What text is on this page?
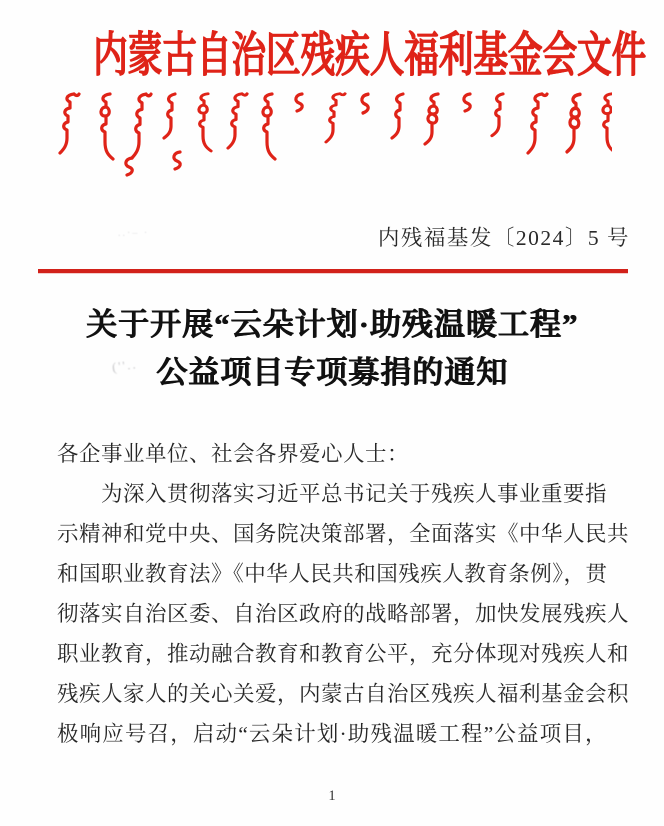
内蒙古自治区残疾人福利基金会文件
内残福基发〔2024〕5 号
关于开展“云朵计划·助残温暖工程”
公益项目专项募捐的通知
(''..
..·– ·
各企事业单位、社会各界爱心人士：
为深入贯彻落实习近平总书记关于残疾人事业重要指
示精神和党中央、国务院决策部署，全面落实《中华人民共
和国职业教育法》《中华人民共和国残疾人教育条例》，贯
彻落实自治区委、自治区政府的战略部署，加快发展残疾人
职业教育，推动融合教育和教育公平，充分体现对残疾人和
残疾人家人的关心关爱，内蒙古自治区残疾人福利基金会积
极响应号召，启动“云朵计划·助残温暖工程”公益项目，
1
